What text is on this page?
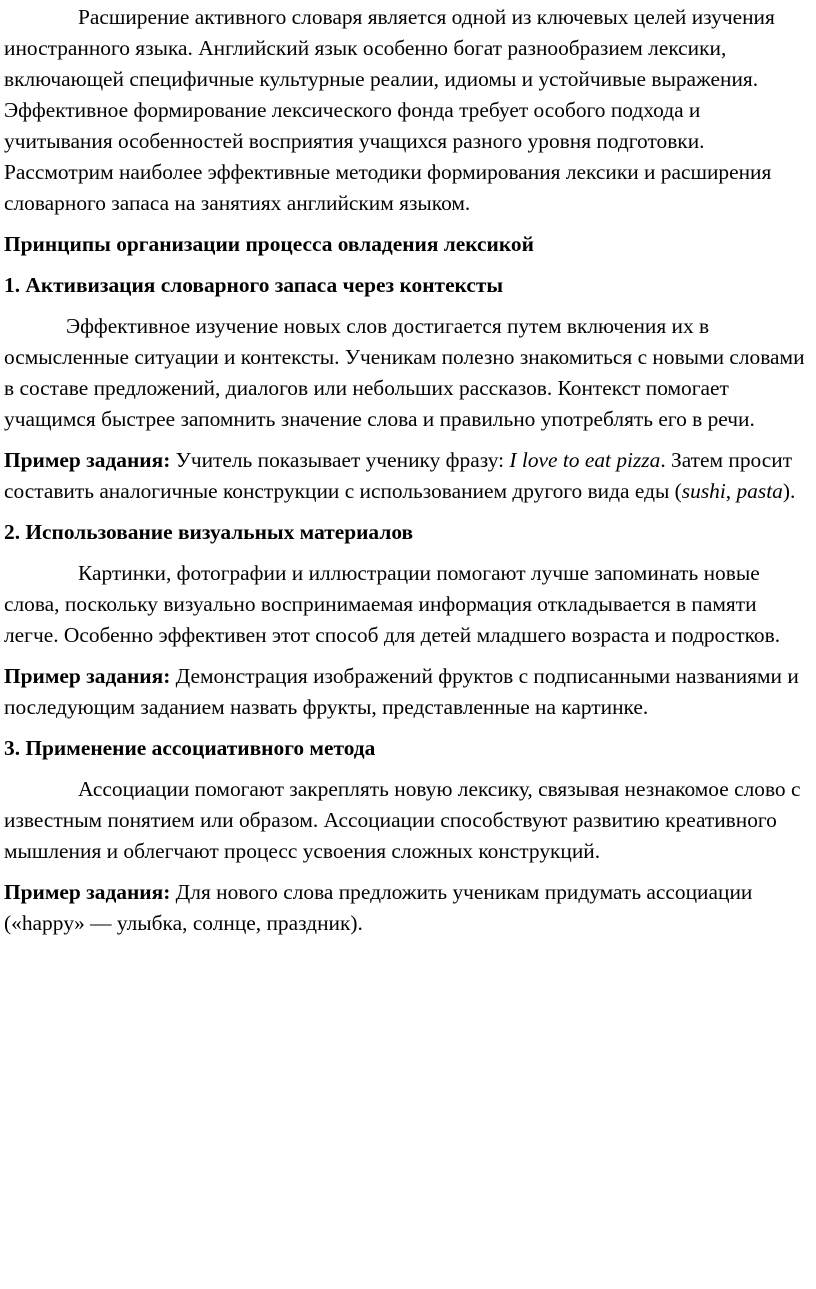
Расширение активного словаря является одной из ключевых целей изучения иностранного языка. Английский язык особенно богат разнообразием лексики, включающей специфичные культурные реалии, идиомы и устойчивые выражения. Эффективное формирование лексического фонда требует особого подхода и учитывания особенностей восприятия учащихся разного уровня подготовки. Рассмотрим наиболее эффективные методики формирования лексики и расширения словарного запаса на занятиях английским языком.

Принципы организации процесса овладения лексикой

1. Активизация словарного запаса через контексты

Эффективное изучение новых слов достигается путем включения их в осмысленные ситуации и контексты. Ученикам полезно знакомиться с новыми словами в составе предложений, диалогов или небольших рассказов. Контекст помогает учащимся быстрее запомнить значение слова и правильно употреблять его в речи.

Пример задания: Учитель показывает ученику фразу: I love to eat pizza. Затем просит составить аналогичные конструкции с использованием другого вида еды (sushi, pasta).

2. Использование визуальных материалов

Картинки, фотографии и иллюстрации помогают лучше запоминать новые слова, поскольку визуально воспринимаемая информация откладывается в памяти легче. Особенно эффективен этот способ для детей младшего возраста и подростков.

Пример задания: Демонстрация изображений фруктов с подписанными названиями и последующим заданием назвать фрукты, представленные на картинке.

3. Применение ассоциативного метода

Ассоциации помогают закреплять новую лексику, связывая незнакомое слово с известным понятием или образом. Ассоциации способствуют развитию креативного мышления и облегчают процесс усвоения сложных конструкций.

Пример задания: Для нового слова предложить ученикам придумать ассоциации («happy» — улыбка, солнце, праздник).
